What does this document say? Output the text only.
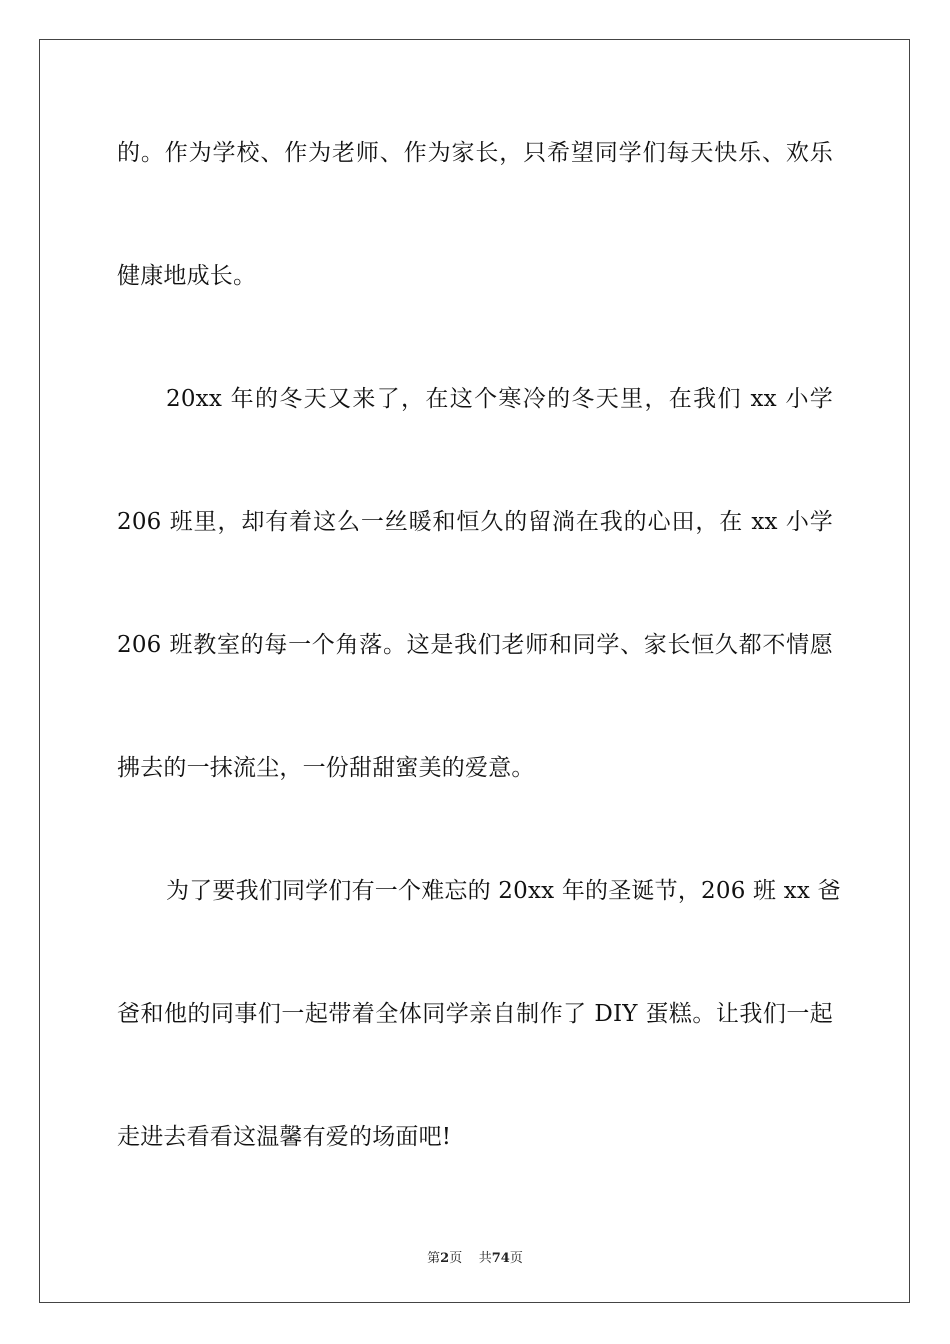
的。作为学校、作为老师、作为家长，只希望同学们每天快乐、欢乐
健康地成长。
20xx 年的冬天又来了，在这个寒冷的冬天里，在我们 xx 小学
206 班里，却有着这么一丝暖和恒久的留淌在我的心田，在 xx 小学
206 班教室的每一个角落。这是我们老师和同学、家长恒久都不情愿
拂去的一抹流尘，一份甜甜蜜美的爱意。
为了要我们同学们有一个难忘的 20xx 年的圣诞节，206 班 xx 爸
爸和他的同事们一起带着全体同学亲自制作了 DIY 蛋糕。让我们一起
走进去看看这温馨有爱的场面吧!
第2页 共74页
